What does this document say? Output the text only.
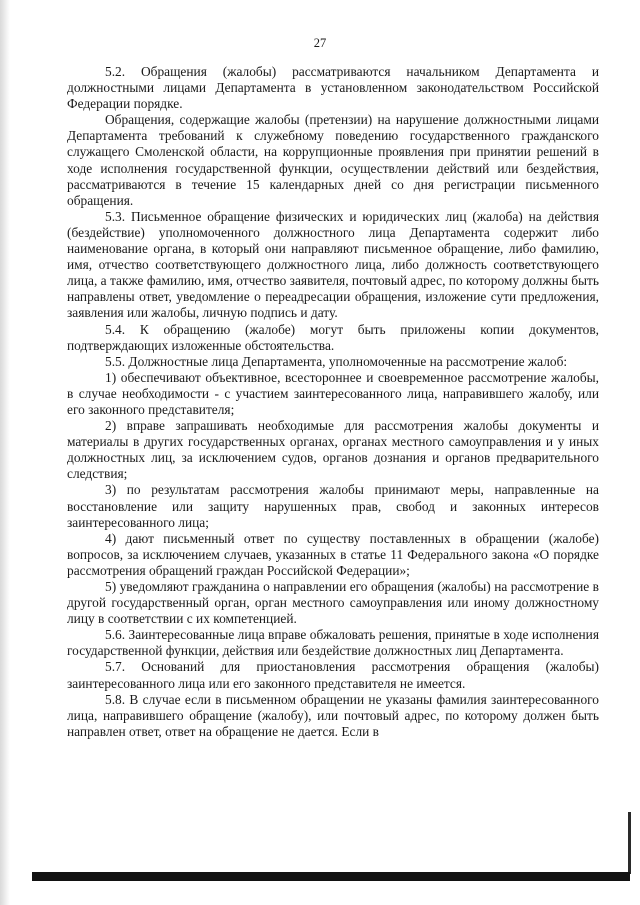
27

5.2. Обращения (жалобы) рассматриваются начальником Департамента и должностными лицами Департамента в установленном законодательством Российской Федерации порядке.

Обращения, содержащие жалобы (претензии) на нарушение должностными лицами Департамента требований к служебному поведению государственного гражданского служащего Смоленской области, на коррупционные проявления при принятии решений в ходе исполнения государственной функции, осуществлении действий или бездействия, рассматриваются в течение 15 календарных дней со дня регистрации письменного обращения.

5.3. Письменное обращение физических и юридических лиц (жалоба) на действия (бездействие) уполномоченного должностного лица Департамента содержит либо наименование органа, в который они направляют письменное обращение, либо фамилию, имя, отчество соответствующего должностного лица, либо должность соответствующего лица, а также фамилию, имя, отчество заявителя, почтовый адрес, по которому должны быть направлены ответ, уведомление о переадресации обращения, изложение сути предложения, заявления или жалобы, личную подпись и дату.

5.4. К обращению (жалобе) могут быть приложены копии документов, подтверждающих изложенные обстоятельства.

5.5. Должностные лица Департамента, уполномоченные на рассмотрение жалоб:

1) обеспечивают объективное, всестороннее и своевременное рассмотрение жалобы, в случае необходимости - с участием заинтересованного лица, направившего жалобу, или его законного представителя;

2) вправе запрашивать необходимые для рассмотрения жалобы документы и материалы в других государственных органах, органах местного самоуправления и у иных должностных лиц, за исключением судов, органов дознания и органов предварительного следствия;

3) по результатам рассмотрения жалобы принимают меры, направленные на восстановление или защиту нарушенных прав, свобод и законных интересов заинтересованного лица;

4) дают письменный ответ по существу поставленных в обращении (жалобе) вопросов, за исключением случаев, указанных в статье 11 Федерального закона «О порядке рассмотрения обращений граждан Российской Федерации»;

5) уведомляют гражданина о направлении его обращения (жалобы) на рассмотрение в другой государственный орган, орган местного самоуправления или иному должностному лицу в соответствии с их компетенцией.

5.6. Заинтересованные лица вправе обжаловать решения, принятые в ходе исполнения государственной функции, действия или бездействие должностных лиц Департамента.

5.7. Оснований для приостановления рассмотрения обращения (жалобы) заинтересованного лица или его законного представителя не имеется.

5.8. В случае если в письменном обращении не указаны фамилия заинтересованного лица, направившего обращение (жалобу), или почтовый адрес, по которому должен быть направлен ответ, ответ на обращение не дается. Если в
